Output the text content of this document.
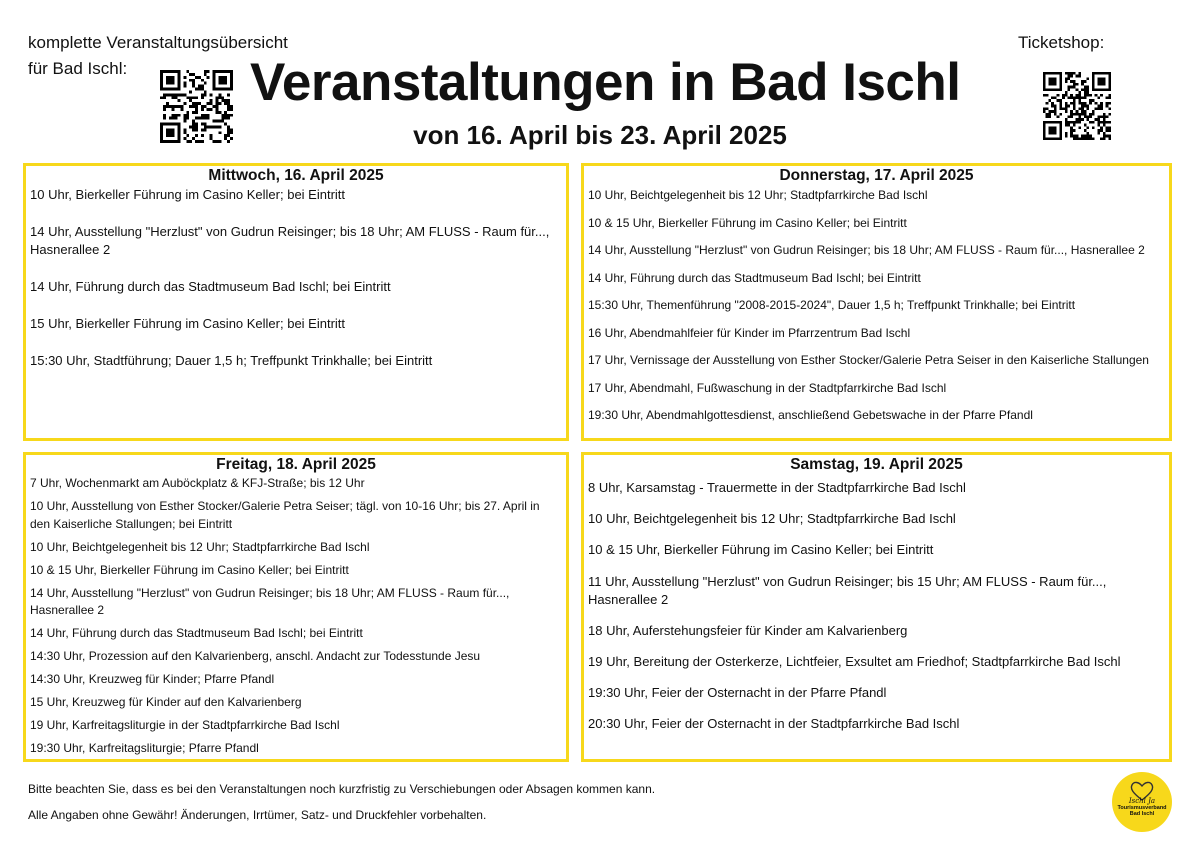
komplette Veranstaltungsübersicht
für Bad Ischl:
Ticketshop:
Veranstaltungen in Bad Ischl
von 16. April bis 23. April 2025
Mittwoch, 16. April 2025
10 Uhr, Bierkeller Führung im Casino Keller; bei Eintritt
14 Uhr, Ausstellung "Herzlust" von Gudrun Reisinger; bis 18 Uhr; AM FLUSS - Raum für..., Hasnerallee 2
14 Uhr, Führung durch das Stadtmuseum Bad Ischl; bei Eintritt
15 Uhr, Bierkeller Führung im Casino Keller; bei Eintritt
15:30 Uhr, Stadtführung; Dauer 1,5 h; Treffpunkt Trinkhalle; bei Eintritt
Donnerstag, 17. April 2025
10 Uhr, Beichtgelegenheit bis 12 Uhr; Stadtpfarrkirche Bad Ischl
10 & 15 Uhr, Bierkeller Führung im Casino Keller; bei Eintritt
14 Uhr, Ausstellung "Herzlust" von Gudrun Reisinger; bis 18 Uhr; AM FLUSS - Raum für..., Hasnerallee 2
14 Uhr, Führung durch das Stadtmuseum Bad Ischl; bei Eintritt
15:30 Uhr, Themenführung "2008-2015-2024", Dauer 1,5 h; Treffpunkt Trinkhalle; bei Eintritt
16 Uhr, Abendmahlfeier für Kinder im Pfarrzentrum Bad Ischl
17 Uhr, Vernissage der Ausstellung von Esther Stocker/Galerie Petra Seiser in den Kaiserliche Stallungen
17 Uhr, Abendmahl, Fußwaschung in der Stadtpfarrkirche Bad Ischl
19:30 Uhr, Abendmahlgottesdienst, anschließend Gebetswache in der Pfarre Pfandl
Freitag, 18. April 2025
7 Uhr, Wochenmarkt am Auböckplatz & KFJ-Straße; bis 12 Uhr
10 Uhr, Ausstellung von Esther Stocker/Galerie Petra Seiser; tägl. von 10-16 Uhr; bis 27. April in den Kaiserliche Stallungen; bei Eintritt
10 Uhr, Beichtgelegenheit bis 12 Uhr; Stadtpfarrkirche Bad Ischl
10 & 15 Uhr, Bierkeller Führung im Casino Keller; bei Eintritt
14 Uhr, Ausstellung "Herzlust" von Gudrun Reisinger; bis 18 Uhr; AM FLUSS - Raum für..., Hasnerallee 2
14 Uhr, Führung durch das Stadtmuseum Bad Ischl; bei Eintritt
14:30 Uhr, Prozession auf den Kalvarienberg, anschl. Andacht zur Todesstunde Jesu
14:30 Uhr, Kreuzweg für Kinder; Pfarre Pfandl
15 Uhr, Kreuzweg für Kinder auf den Kalvarienberg
19 Uhr, Karfreitagsliturgie in der Stadtpfarrkirche Bad Ischl
19:30 Uhr, Karfreitagsliturgie; Pfarre Pfandl
Samstag, 19. April 2025
8 Uhr, Karsamstag - Trauermette in der Stadtpfarrkirche Bad Ischl
10 Uhr, Beichtgelegenheit bis 12 Uhr; Stadtpfarrkirche Bad Ischl
10 & 15 Uhr, Bierkeller Führung im Casino Keller; bei Eintritt
11 Uhr, Ausstellung "Herzlust" von Gudrun Reisinger; bis 15 Uhr; AM FLUSS - Raum für..., Hasnerallee 2
18 Uhr, Auferstehungsfeier für Kinder am Kalvarienberg
19 Uhr, Bereitung der Osterkerze, Lichtfeier, Exsultet am Friedhof; Stadtpfarrkirche Bad Ischl
19:30 Uhr, Feier der Osternacht in der Pfarre Pfandl
20:30 Uhr, Feier der Osternacht in der Stadtpfarrkirche Bad Ischl

Bitte beachten Sie, dass es bei den Veranstaltungen noch kurzfristig zu Verschiebungen oder Absagen kommen kann.

Alle Angaben ohne Gewähr! Änderungen, Irrtümer, Satz- und Druckfehler vorbehalten.

Ischl Ja
Tourismusverband
Bad Ischl
